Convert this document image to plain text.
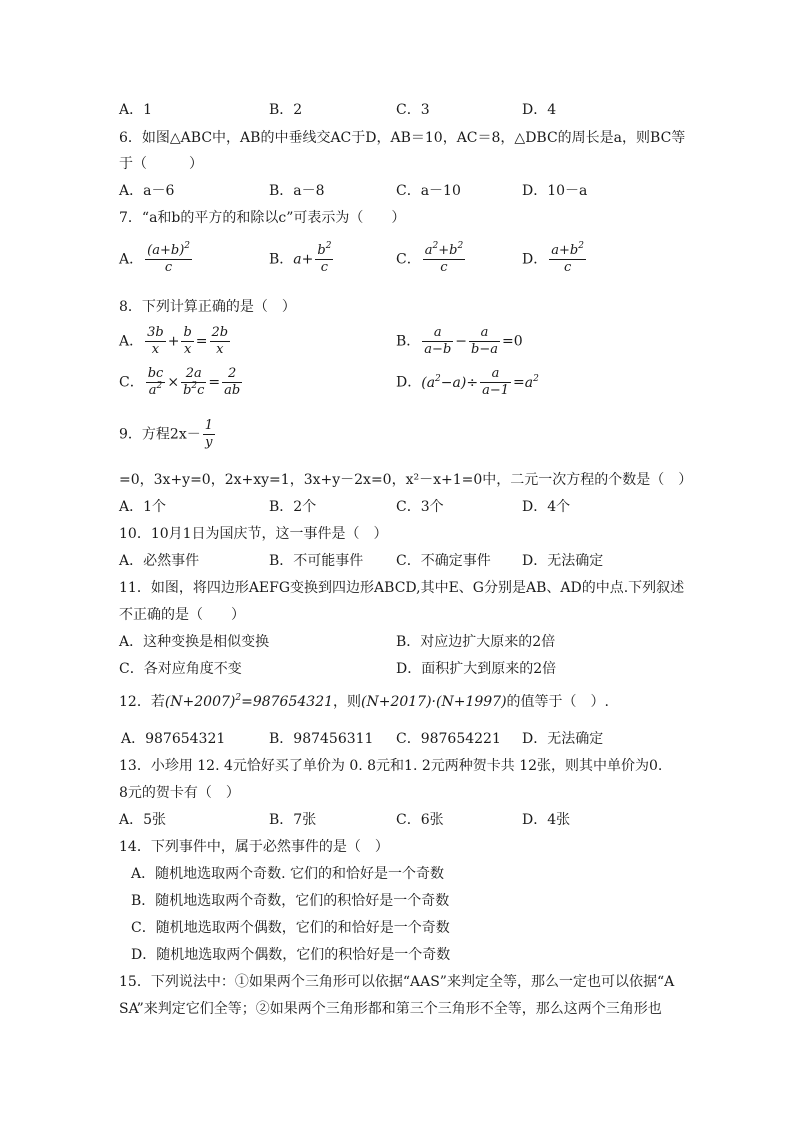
A．1	B．2	C．3	D．4
6．如图△ABC中，AB的中垂线交AC于D，AB＝10，AC＝8，△DBC的周长是a，则BC等
于（　　　）
A．a－6	B．a－8	C．a－10	D．10－a
7．“a和b的平方的和除以c”可表示为（　　）
A． $\frac{(a+b)^2}{c}$	B．$a+ \frac{b^2}{c}$	C． $\frac{a^2+b^2}{c}$	D． $\frac{a+b^2}{c}$
8．下列计算正确的是（　）
A． $\frac{3b}{x} + \frac{b}{x} = \frac{2b}{x}$	B． $\frac{a}{a-b} - \frac{a}{b-a} =0$
C． $\frac{bc}{a^2} \times \frac{2a}{b^2c} = \frac{2}{ab}$	D．$(a^2-a)\div \frac{a}{a-1} =a^2$
9．方程$2x- \frac{1}{y}$
=0，3x+y=0，2x+xy=1，3x+y－2x=0，x²－x+1=0中，二元一次方程的个数是（　）
A．1个	B．2个	C．3个	D．4个
10．10月1日为国庆节，这一事件是（　）
A．必然事件	B．不可能事件 C．不确定事件 D．无法确定
11．如图，将四边形AEFG变换到四边形ABCD,其中E、G分别是AB、AD的中点.下列叙述
不正确的是（　　）
A．这种变换是相似变换	B．对应边扩大原来的2倍
C．各对应角度不变	D．面积扩大到原来的2倍
12．若$(N+2007)^2=987654321$，则(N+2017)·(N+1997)的值等于（　）.
A．987654321	B．987456311 C．987654221 D．无法确定
13．小珍用 12. 4元恰好买了单价为 0. 8元和1. 2元两种贺卡共 12张，则其中单价为0.
8元的贺卡有（　）
A．5张	B．7张	C．6张	D．4张
14．下列事件中，属于必然事件的是（　）
A．随机地选取两个奇数. 它们的和恰好是一个奇数
B．随机地选取两个奇数，它们的积恰好是一个奇数
C．随机地选取两个偶数，它们的和恰好是一个奇数
D．随机地选取两个偶数，它们的积恰好是一个奇数
15．下列说法中：①如果两个三角形可以依据“AAS”来判定全等，那么一定也可以依据“A
SA”来判定它们全等；②如果两个三角形都和第三个三角形不全等，那么这两个三角形也
